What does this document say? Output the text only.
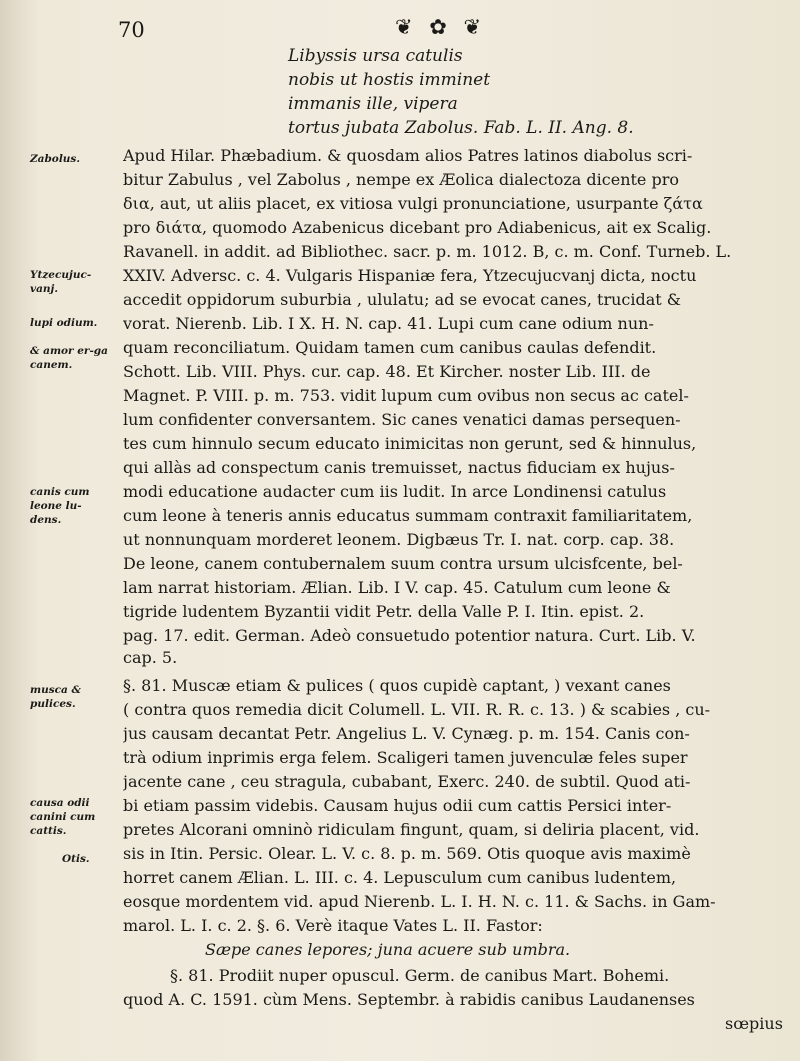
70	❦ ✿ ❦
Libyssis ursa catulis
nobis ut hostis imminet
immanis ille, vipera
tortus jubata Zabolus. Fab. L. II. Ang. 8.
Zabolus.
Ytzecujuc-vanj.
lupi odium.
& amor er-ga canem.
canis cum leone lu-dens.
musca & pulices.
causa odii canini cum cattis.
Otis.
Apud Hilar. Phæbadium. & quosdam alios Patres latinos diabolus scri-
bitur Zabulus , vel Zabolus , nempe ex Æolica dialectoza dicente pro
δια, aut, ut aliis placet, ex vitiosa vulgi pronunciatione, usurpante ζάτα
pro διάτα, quomodo Azabenicus dicebant pro Adiabenicus, ait ex Scalig.
Ravanell. in addit. ad Bibliothec. sacr. p. m. 1012. B, c. m. Conf. Turneb. L.
XXIV. Adversc. c. 4. Vulgaris Hispaniæ fera, Ytzecujucvanj dicta, noctu
accedit oppidorum suburbia , ululatu; ad se evocat canes, trucidat &
vorat. Nierenb. Lib. I X. H. N. cap. 41. Lupi cum cane odium nun-
quam reconciliatum. Quidam tamen cum canibus caulas defendit.
Schott. Lib. VIII. Phys. cur. cap. 48. Et Kircher. noster Lib. III. de
Magnet. P. VIII. p. m. 753. vidit lupum cum ovibus non secus ac catel-
lum confidenter conversantem. Sic canes venatici damas persequen-
tes cum hinnulo secum educato inimicitas non gerunt, sed & hinnulus,
qui allàs ad conspectum canis tremuisset, nactus fiduciam ex hujus-
modi educatione audacter cum iis ludit. In arce Londinensi catulus
cum leone à teneris annis educatus summam contraxit familiaritatem,
ut nonnunquam morderet leonem. Digbæus Tr. I. nat. corp. cap. 38.
De leone, canem contubernalem suum contra ursum ulcisfcente, bel-
lam narrat historiam. Ælian. Lib. I V. cap. 45. Catulum cum leone &
tigride ludentem Byzantii vidit Petr. della Valle P. I. Itin. epist. 2.
pag. 17. edit. German. Adeò consuetudo potentior natura. Curt. Lib. V.
cap. 5.
§. 81. Muscæ etiam & pulices ( quos cupidè captant, ) vexant canes
( contra quos remedia dicit Columell. L. VII. R. R. c. 13. ) & scabies , cu-
jus causam decantat Petr. Angelius L. V. Cynæg. p. m. 154. Canis con-
trà odium inprimis erga felem. Scaligeri tamen juvenculæ feles super
jacente cane , ceu stragula, cubabant, Exerc. 240. de subtil. Quod ati-
bi etiam passim videbis. Causam hujus odii cum cattis Persici inter-
pretes Alcorani omninò ridiculam fingunt, quam, si deliria placent, vid.
sis in Itin. Persic. Olear. L. V. c. 8. p. m. 569. Otis quoque avis maximè
horret canem Ælian. L. III. c. 4. Lepusculum cum canibus ludentem,
eosque mordentem vid. apud Nierenb. L. I. H. N. c. 11. & Sachs. in Gam-
marol. L. I. c. 2. §. 6. Verè itaque Vates L. II. Fastor:
Sæpe canes lepores; juna acuere sub umbra.
§. 81. Prodiit nuper opuscul. Germ. de canibus Mart. Bohemi.
quod A. C. 1591. cùm Mens. Septembr. à rabidis canibus Laudanenses
sœpius
